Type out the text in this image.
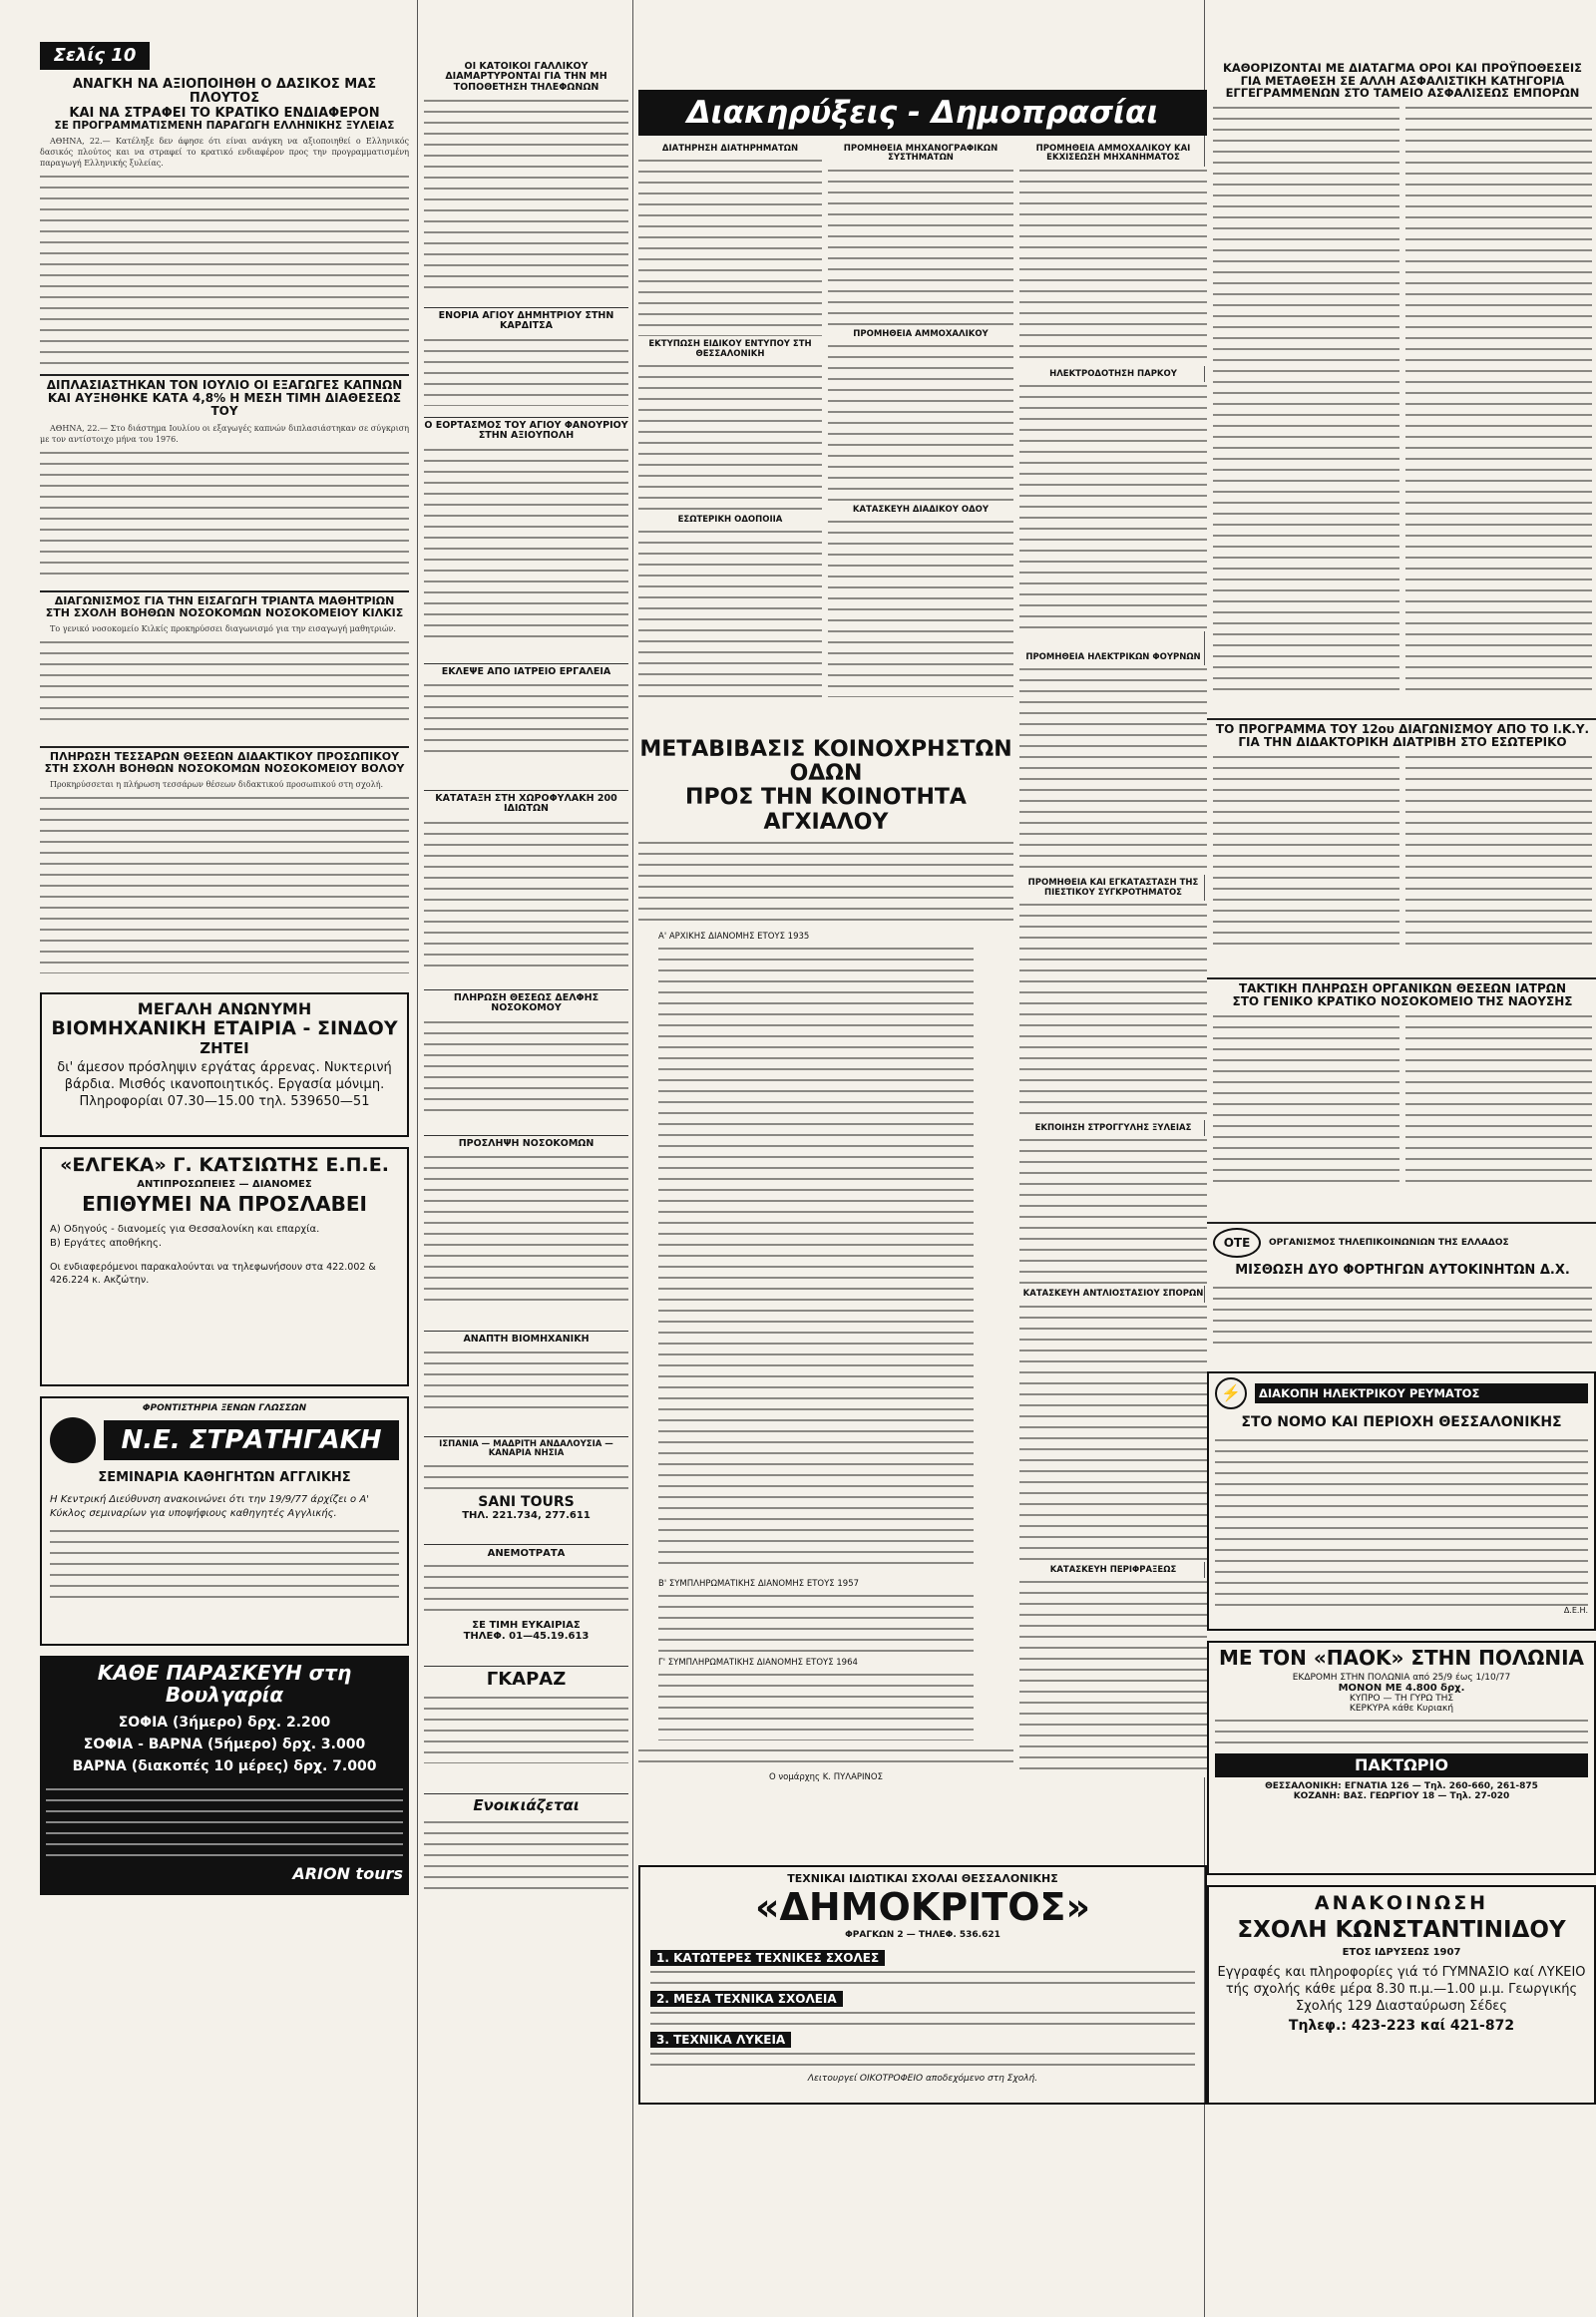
Σελίς 10
ΑΝΑΓΚΗ ΝΑ ΑΞΙΟΠΟΙΗΘΗ Ο ΔΑΣΙΚΟΣ ΜΑΣ ΠΛΟΥΤΟΣ
ΚΑΙ ΝΑ ΣΤΡΑΦΕΙ ΤΟ ΚΡΑΤΙΚΟ ΕΝΔΙΑΦΕΡΟΝ
ΣΕ ΠΡΟΓΡΑΜΜΑΤΙΣΜΕΝΗ ΠΑΡΑΓΩΓΗ ΕΛΛΗΝΙΚΗΣ ΞΥΛΕΙΑΣ

ΑΘΗΝΑ, 22.— Κατέληξε δεν άφησε ότι είναι ανάγκη να αξιοποιηθεί ο Ελληνικός δασικός πλούτος και να στραφεί το κρατικό ενδιαφέρον προς την προγραμματισμένη παραγωγή Ελληνικής ξυλείας.

ΔΙΠΛΑΣΙΑΣΤΗΚΑΝ ΤΟΝ ΙΟΥΛΙΟ ΟΙ ΕΞΑΓΩΓΕΣ ΚΑΠΝΩΝ
ΚΑΙ ΑΥΞΗΘΗΚΕ ΚΑΤΑ 4,8% Η ΜΕΣΗ ΤΙΜΗ ΔΙΑΘΕΣΕΩΣ ΤΟΥ

ΑΘΗΝΑ, 22.— Στο διάστημα Ιουλίου οι εξαγωγές καπνών διπλασιάστηκαν σε σύγκριση με τον αντίστοιχο μήνα του 1976.

ΔΙΑΓΩΝΙΣΜΟΣ ΓΙΑ ΤΗΝ ΕΙΣΑΓΩΓΗ ΤΡΙΑΝΤΑ ΜΑΘΗΤΡΙΩΝ
ΣΤΗ ΣΧΟΛΗ ΒΟΗΘΩΝ ΝΟΣΟΚΟΜΩΝ ΝΟΣΟΚΟΜΕΙΟΥ ΚΙΛΚΙΣ

Το γενικό νοσοκομείο Κιλκίς προκηρύσσει διαγωνισμό για την εισαγωγή μαθητριών.

ΠΛΗΡΩΣΗ ΤΕΣΣΑΡΩΝ ΘΕΣΕΩΝ ΔΙΔΑΚΤΙΚΟΥ ΠΡΟΣΩΠΙΚΟΥ
ΣΤΗ ΣΧΟΛΗ ΒΟΗΘΩΝ ΝΟΣΟΚΟΜΩΝ ΝΟΣΟΚΟΜΕΙΟΥ ΒΟΛΟΥ

Προκηρύσσεται η πλήρωση τεσσάρων θέσεων διδακτικού προσωπικού στη σχολή.

ΜΕΓΑΛΗ ΑΝΩΝΥΜΗ
ΒΙΟΜΗΧΑΝΙΚΗ ΕΤΑΙΡΙΑ - ΣΙΝΔΟΥ
ΖΗΤΕΙ
δι' άμεσον πρόσληψιν εργάτας άρρενας. Νυκτερινή βάρδια. Μισθός ικανοποιητικός. Εργασία μόνιμη. Πληροφορίαι 07.30—15.00 τηλ. 539650—51
«ΕΛΓΕΚΑ» Γ. ΚΑΤΣΙΩΤΗΣ Ε.Π.Ε.
ΑΝΤΙΠΡΟΣΩΠΕΙΕΣ — ΔΙΑΝΟΜΕΣ
ΕΠΙΘΥΜΕΙ ΝΑ ΠΡΟΣΛΑΒΕΙ
Α) Οδηγούς - διανομείς για Θεσσαλονίκη και επαρχία.
Β) Εργάτες αποθήκης.
Οι ενδιαφερόμενοι παρακαλούνται να τηλεφωνήσουν στα 422.002 & 426.224 κ. Ακζώτην.
ΦΡΟΝΤΙΣΤΗΡΙΑ ΞΕΝΩΝ ΓΛΩΣΣΩΝ
Ν.Ε. ΣΤΡΑΤΗΓΑΚΗ
ΣΕΜΙΝΑΡΙΑ ΚΑΘΗΓΗΤΩΝ ΑΓΓΛΙΚΗΣ
Η Κεντρική Διεύθυνση ανακοινώνει ότι την 19/9/77 άρχίζει ο Α' Κύκλος σεμιναρίων για υποψήφιους καθηγητές Αγγλικής.
ΚΑΘΕ ΠΑΡΑΣΚΕΥΗ στη Βουλγαρία
ΣΟΦΙΑ (3ήμερο) δρχ. 2.200
ΣΟΦΙΑ - ΒΑΡΝΑ (5ήμερο) δρχ. 3.000
ΒΑΡΝΑ (διακοπές 10 μέρες) δρχ. 7.000
ARION tours
ΟΙ ΚΑΤΟΙΚΟΙ ΓΑΛΛΙΚΟΥ ΔΙΑΜΑΡΤΥΡΟΝΤΑΙ ΓΙΑ ΤΗΝ ΜΗ ΤΟΠΟΘΕΤΗΣΗ ΤΗΛΕΦΩΝΩΝ
ΕΝΟΡΙΑ ΑΓΙΟΥ ΔΗΜΗΤΡΙΟΥ ΣΤΗΝ ΚΑΡΔΙΤΣΑ
Ο ΕΟΡΤΑΣΜΟΣ ΤΟΥ ΑΓΙΟΥ ΦΑΝΟΥΡΙΟΥ ΣΤΗΝ ΑΞΙΟΥΠΟΛΗ
ΕΚΛΕΨΕ ΑΠΟ ΙΑΤΡΕΙΟ ΕΡΓΑΛΕΙΑ
ΚΑΤΑΤΑΞΗ ΣΤΗ ΧΩΡΟΦΥΛΑΚΗ 200 ΙΔΙΩΤΩΝ
ΠΛΗΡΩΣΗ ΘΕΣΕΩΣ ΔΕΛΦΗΣ ΝΟΣΟΚΟΜΟΥ
ΠΡΟΣΛΗΨΗ ΝΟΣΟΚΟΜΩΝ
ΑΝΑΠΤΗ ΒΙΟΜΗΧΑΝΙΚΗ
ΙΣΠΑΝΙΑ — ΜΑΔΡΙΤΗ ΑΝΔΑΛΟΥΣΙΑ — ΚΑΝΑΡΙΑ ΝΗΣΙΑ
SANI TOURS
ΤΗΛ. 221.734, 277.611
ΑΝΕΜΟΤΡΑΤΑ
ΣΕ ΤΙΜΗ ΕΥΚΑΙΡΙΑΣ
ΤΗΛΕΦ. 01—45.19.613
ΓΚΑΡΑΖ
Ενοικιάζεται
Διακηρύξεις - Δημοπρασίαι
ΔΙΑΤΗΡΗΣΗ ΔΙΑΤΗΡΗΜΑΤΩΝ
ΕΚΤΥΠΩΣΗ ΕΙΔΙΚΟΥ ΕΝΤΥΠΟΥ ΣΤΗ ΘΕΣΣΑΛΟΝΙΚΗ
ΕΣΩΤΕΡΙΚΗ ΟΔΟΠΟΙΙΑ
ΠΡΟΜΗΘΕΙΑ ΜΗΧΑΝΟΓΡΑΦΙΚΩΝ ΣΥΣΤΗΜΑΤΩΝ
ΠΡΟΜΗΘΕΙΑ ΑΜΜΟΧΑΛΙΚΟΥ
ΚΑΤΑΣΚΕΥΗ ΔΙΑΔΙΚΟΥ ΟΔΟΥ
ΠΡΟΜΗΘΕΙΑ ΑΜΜΟΧΑΛΙΚΟΥ ΚΑΙ ΕΚΧΙΣΕΩΣΗ ΜΗΧΑΝΗΜΑΤΟΣ
ΗΛΕΚΤΡΟΔΟΤΗΣΗ ΠΑΡΚΟΥ
ΜΕΤΑΒΙΒΑΣΙΣ ΚΟΙΝΟΧΡΗΣΤΩΝ ΟΔΩΝ
ΠΡΟΣ ΤΗΝ ΚΟΙΝΟΤΗΤΑ ΑΓΧΙΑΛΟΥ
Α' ΑΡΧΙΚΗΣ ΔΙΑΝΟΜΗΣ ΕΤΟΥΣ 1935
Β' ΣΥΜΠΛΗΡΩΜΑΤΙΚΗΣ ΔΙΑΝΟΜΗΣ ΕΤΟΥΣ 1957
Γ' ΣΥΜΠΛΗΡΩΜΑΤΙΚΗΣ ΔΙΑΝΟΜΗΣ ΕΤΟΥΣ 1964
Ο νομάρχης Κ. ΠΥΛΑΡΙΝΟΣ
ΠΡΟΜΗΘΕΙΑ ΗΛΕΚΤΡΙΚΩΝ ΦΟΥΡΝΩΝ
ΠΡΟΜΗΘΕΙΑ ΚΑΙ ΕΓΚΑΤΑΣΤΑΣΗ ΤΗΣ ΠΙΕΣΤΙΚΟΥ ΣΥΓΚΡΟΤΗΜΑΤΟΣ
ΕΚΠΟΙΗΣΗ ΣΤΡΟΓΓΥΛΗΣ ΞΥΛΕΙΑΣ
ΚΑΤΑΣΚΕΥΗ ΑΝΤΛΙΟΣΤΑΣΙΟΥ ΣΠΟΡΩΝ
ΚΑΤΑΣΚΕΥΗ ΠΕΡΙΦΡΑΞΕΩΣ
ΤΕΧΝΙΚΑΙ ΙΔΙΩΤΙΚΑΙ ΣΧΟΛΑΙ ΘΕΣΣΑΛΟΝΙΚΗΣ
«ΔΗΜΟΚΡΙΤΟΣ»
ΦΡΑΓΚΩΝ 2 — ΤΗΛΕΦ. 536.621
1. ΚΑΤΩΤΕΡΕΣ ΤΕΧΝΙΚΕΣ ΣΧΟΛΕΣ
2. ΜΕΣΑ ΤΕΧΝΙΚΑ ΣΧΟΛΕΙΑ
3. ΤΕΧΝΙΚΑ ΛΥΚΕΙΑ
Λειτουργεί ΟΙΚΟΤΡΟΦΕΙΟ αποδεχόμενο στη Σχολή.
ΚΑΘΟΡΙΖΟΝΤΑΙ ΜΕ ΔΙΑΤΑΓΜΑ ΟΡΟΙ ΚΑΙ ΠΡΟΫΠΟΘΕΣΕΙΣ
ΓΙΑ ΜΕΤΑΘΕΣΗ ΣΕ ΑΛΛΗ ΑΣΦΑΛΙΣΤΙΚΗ ΚΑΤΗΓΟΡΙΑ
ΕΓΓΕΓΡΑΜΜΕΝΩΝ ΣΤΟ ΤΑΜΕΙΟ ΑΣΦΑΛΙΣΕΩΣ ΕΜΠΟΡΩΝ
ΤΟ ΠΡΟΓΡΑΜΜΑ ΤΟΥ 12ου ΔΙΑΓΩΝΙΣΜΟΥ ΑΠΟ ΤΟ Ι.Κ.Υ.
ΓΙΑ ΤΗΝ ΔΙΔΑΚΤΟΡΙΚΗ ΔΙΑΤΡΙΒΗ ΣΤΟ ΕΣΩΤΕΡΙΚΟ
ΤΑΚΤΙΚΗ ΠΛΗΡΩΣΗ ΟΡΓΑΝΙΚΩΝ ΘΕΣΕΩΝ ΙΑΤΡΩΝ
ΣΤΟ ΓΕΝΙΚΟ ΚΡΑΤΙΚΟ ΝΟΣΟΚΟΜΕΙΟ ΤΗΣ ΝΑΟΥΣΗΣ
ΟΤΕ	ΟΡΓΑΝΙΣΜΟΣ ΤΗΛΕΠΙΚΟΙΝΩΝΙΩΝ ΤΗΣ ΕΛΛΑΔΟΣ
ΜΙΣΘΩΣΗ ΔΥΟ ΦΟΡΤΗΓΩΝ ΑΥΤΟΚΙΝΗΤΩΝ Δ.Χ.
⚡	ΔΙΑΚΟΠΗ ΗΛΕΚΤΡΙΚΟΥ ΡΕΥΜΑΤΟΣ
ΣΤΟ ΝΟΜΟ ΚΑΙ ΠΕΡΙΟΧΗ ΘΕΣΣΑΛΟΝΙΚΗΣ
Δ.Ε.Η.
ΜΕ ΤΟΝ «ΠΑΟΚ» ΣΤΗΝ ΠΟΛΩΝΙΑ
ΕΚΔΡΟΜΗ ΣΤΗΝ ΠΟΛΩΝΙΑ από 25/9 έως 1/10/77
ΜΟΝΟΝ ΜΕ 4.800 δρχ.
ΚΥΠΡΟ — ΤΗ ΓΥΡΩ ΤΗΣ
ΚΕΡΚΥΡΑ κάθε Κυριακή
ΠΑΚΤΩΡΙΟ
ΘΕΣΣΑΛΟΝΙΚΗ: ΕΓΝΑΤΙΑ 126 — Τηλ. 260-660, 261-875
ΚΟΖΑΝΗ: ΒΑΣ. ΓΕΩΡΓΙΟΥ 18 — Τηλ. 27-020
ΑΝΑΚΟΙΝΩΣΗ
ΣΧΟΛΗ ΚΩΝΣΤΑΝΤΙΝΙΔΟΥ
ΕΤΟΣ ΙΔΡΥΣΕΩΣ 1907
Εγγραφές και πληροφορίες γιά τό ΓΥΜΝΑΣΙΟ καί ΛΥΚΕΙΟ τής σχολής κάθε μέρα 8.30 π.μ.—1.00 μ.μ. Γεωργικής Σχολής 129 Διασταύρωση Σέδες
Τηλεφ.: 423-223 καί 421-872
